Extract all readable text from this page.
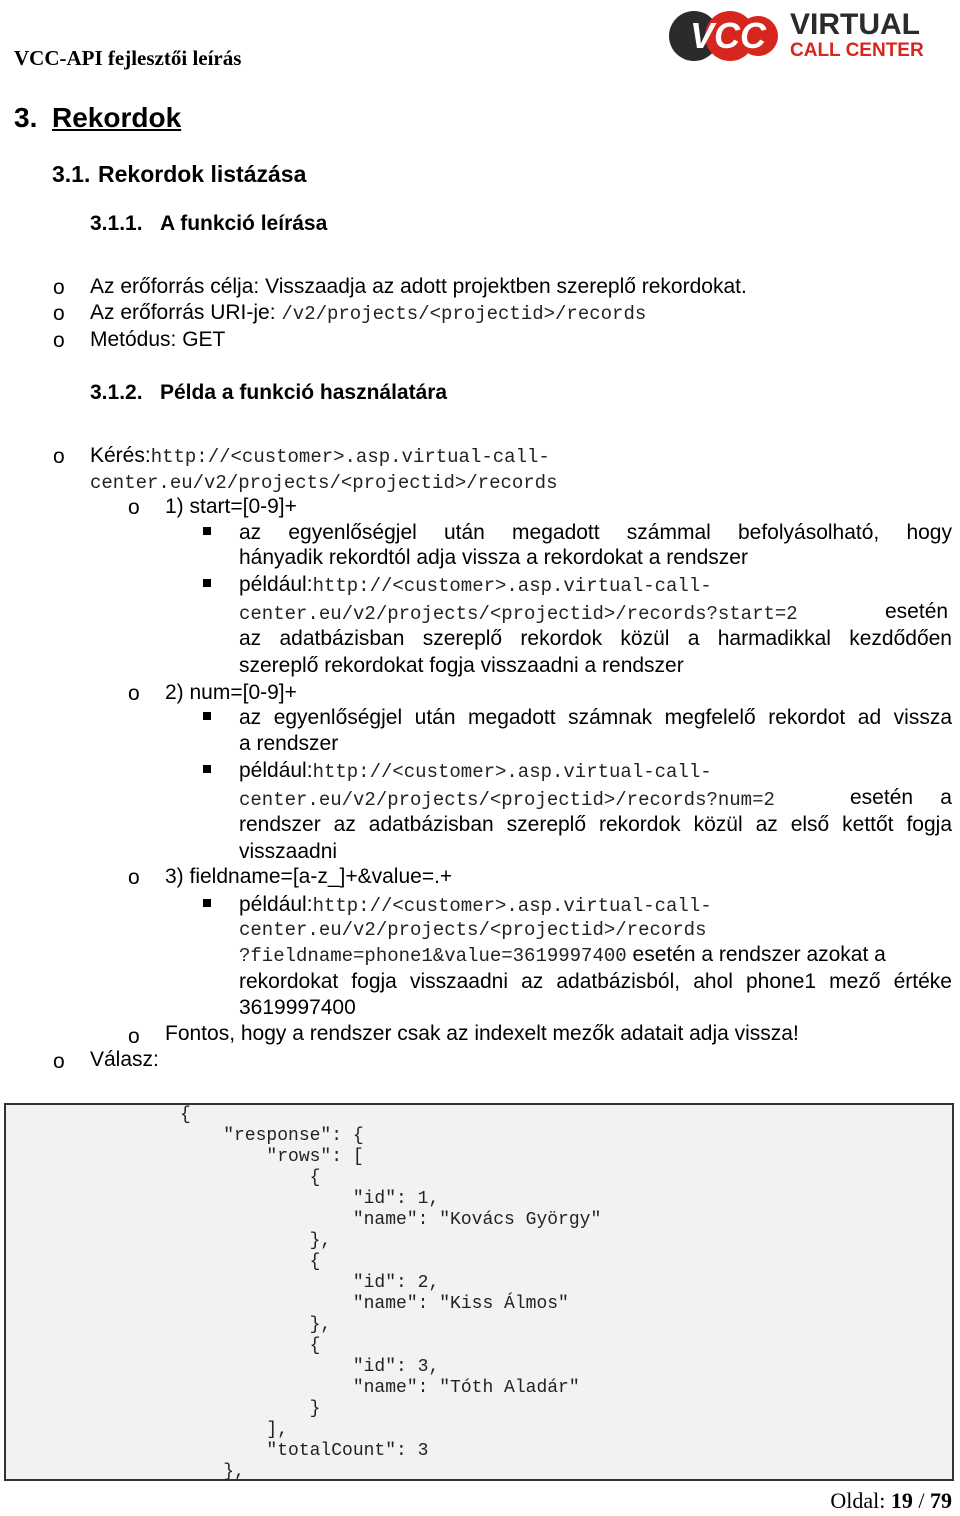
VCC-API fejlesztői leírás
VCC VIRTUAL
CALL CENTER
3. Rekordok
3.1. Rekordok listázása
3.1.1. A funkció leírása
o Az erőforrás célja: Visszaadja az adott projektben szereplő rekordokat.
o Az erőforrás URI-je: /v2/projects/<projectid>/records
o Metódus: GET
3.1.2. Példa a funkció használatára
o Kérés:http://<customer>.asp.virtual-call-
center.eu/v2/projects/<projectid>/records
o 1) start=[0-9]+
az egyenlőségjel után megadott számmal befolyásolható, hogy
hányadik rekordtól adja vissza a rekordokat a rendszer
például:http://<customer>.asp.virtual-call-
center.eu/v2/projects/<projectid>/records?start=2	esetén
az adatbázisban szereplő rekordok közül a harmadikkal kezdődően
szereplő rekordokat fogja visszaadni a rendszer
o 2) num=[0-9]+
az egyenlőségjel után megadott számnak megfelelő rekordot ad vissza
a rendszer
például:http://<customer>.asp.virtual-call-
center.eu/v2/projects/<projectid>/records?num=2	esetén a
rendszer az adatbázisban szereplő rekordok közül az első kettőt fogja
visszaadni
o 3) fieldname=[a-z_]+&value=.+
például:http://<customer>.asp.virtual-call-
center.eu/v2/projects/<projectid>/records
?fieldname=phone1&value=3619997400 esetén a rendszer azokat a
rekordokat fogja visszaadni az adatbázisból, ahol phone1 mező értéke
3619997400
o Fontos, hogy a rendszer csak az indexelt mezők adatait adja vissza!
o Válasz:
{
"response": {
"rows": [
{
"id": 1,
"name": "Kovács György"
},
{
"id": 2,
"name": "Kiss Álmos"
},
{
"id": 3,
"name": "Tóth Aladár"
}
],
"totalCount": 3
},
Oldal: 19 / 79
